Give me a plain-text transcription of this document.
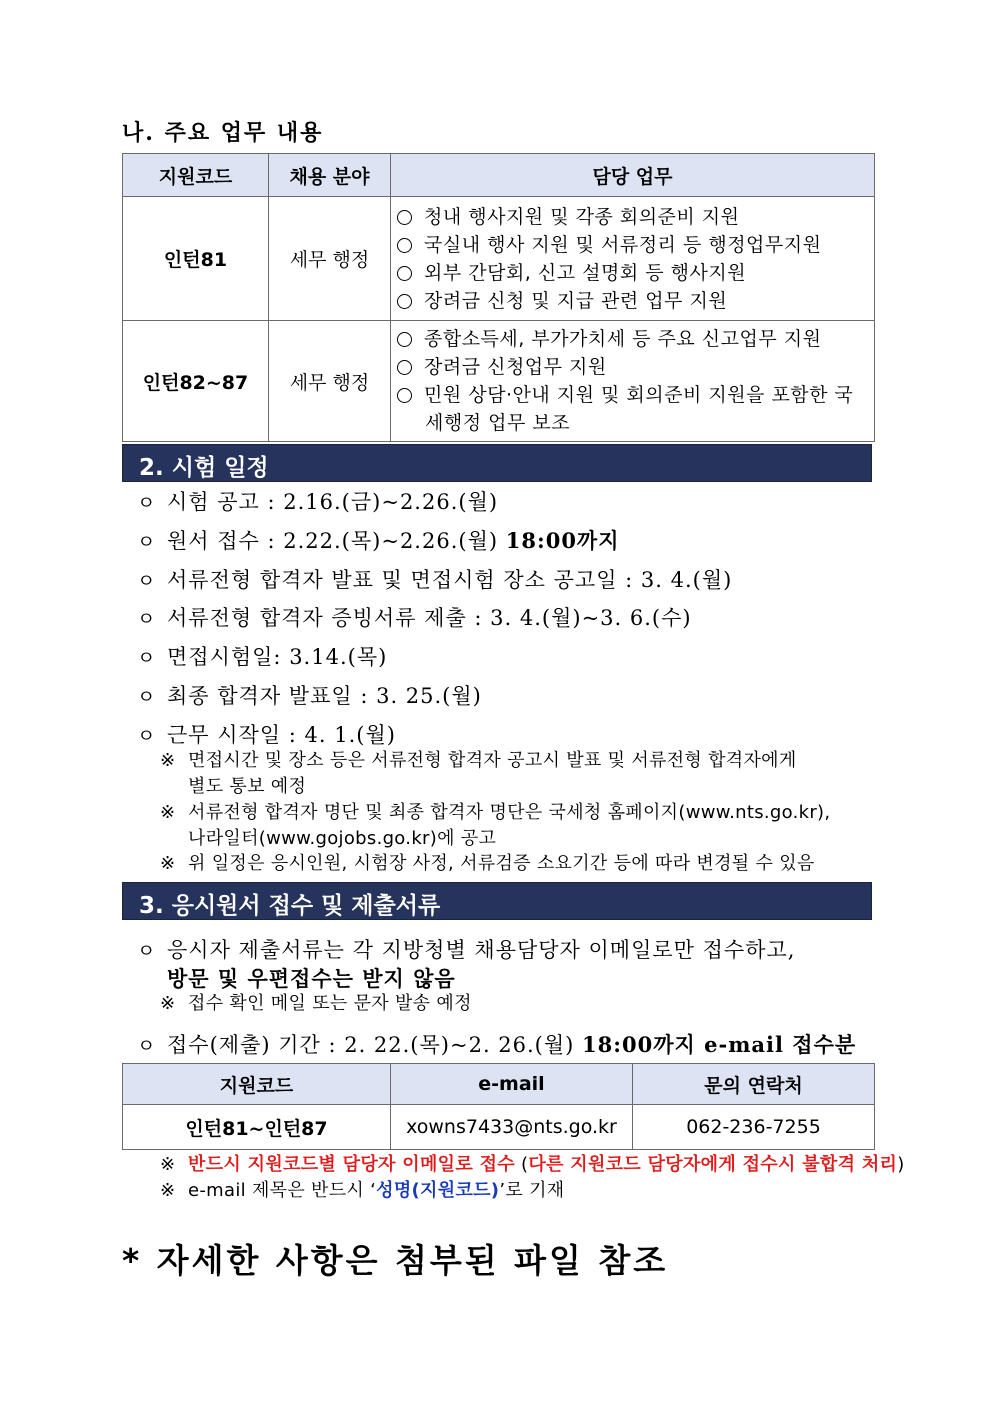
나. 주요 업무 내용
지원코드	채용 분야	담당 업무
인턴81	세무 행정	청내 행사지원 및 각종 회의준비 지원
국실내 행사 지원 및 서류정리 등 행정업무지원
외부 간담회, 신고 설명회 등 행사지원
장려금 신청 및 지급 관련 업무 지원

인턴82~87	세무 행정	종합소득세, 부가가치세 등 주요 신고업무 지원
장려금 신청업무 지원
민원 상담·안내 지원 및 회의준비 지원을 포함한 국세행정 업무 보조
2. 시험 일정
ㅇ 시험 공고 : 2.16.(금)~2.26.(월)
ㅇ 원서 접수 : 2.22.(목)~2.26.(월) 18:00까지
ㅇ 서류전형 합격자 발표 및 면접시험 장소 공고일 : 3. 4.(월)
ㅇ 서류전형 합격자 증빙서류 제출 : 3. 4.(월)~3. 6.(수)
ㅇ 면접시험일: 3.14.(목)
ㅇ 최종 합격자 발표일 : 3. 25.(월)
ㅇ 근무 시작일 : 4. 1.(월)
※ 면접시간 및 장소 등은 서류전형 합격자 공고시 발표 및 서류전형 합격자에게
별도 통보 예정
※ 서류전형 합격자 명단 및 최종 합격자 명단은 국세청 홈페이지(www.nts.go.kr),
나라일터(www.gojobs.go.kr)에 공고
※ 위 일정은 응시인원, 시험장 사정, 서류검증 소요기간 등에 따라 변경될 수 있음
3. 응시원서 접수 및 제출서류
ㅇ 응시자 제출서류는 각 지방청별 채용담당자 이메일로만 접수하고,
방문 및 우편접수는 받지 않음
※ 접수 확인 메일 또는 문자 발송 예정
ㅇ 접수(제출) 기간 : 2. 22.(목)~2. 26.(월) 18:00까지 e-mail 접수분
지원코드	e-mail	문의 연락처
인턴81~인턴87	xowns7433@nts.go.kr	062-236-7255
※ 반드시 지원코드별 담당자 이메일로 접수 (다른 지원코드 담당자에게 접수시 불합격 처리)
※ e-mail 제목은 반드시 ‘성명(지원코드)’로 기재
* 자세한 사항은 첨부된 파일 참조
